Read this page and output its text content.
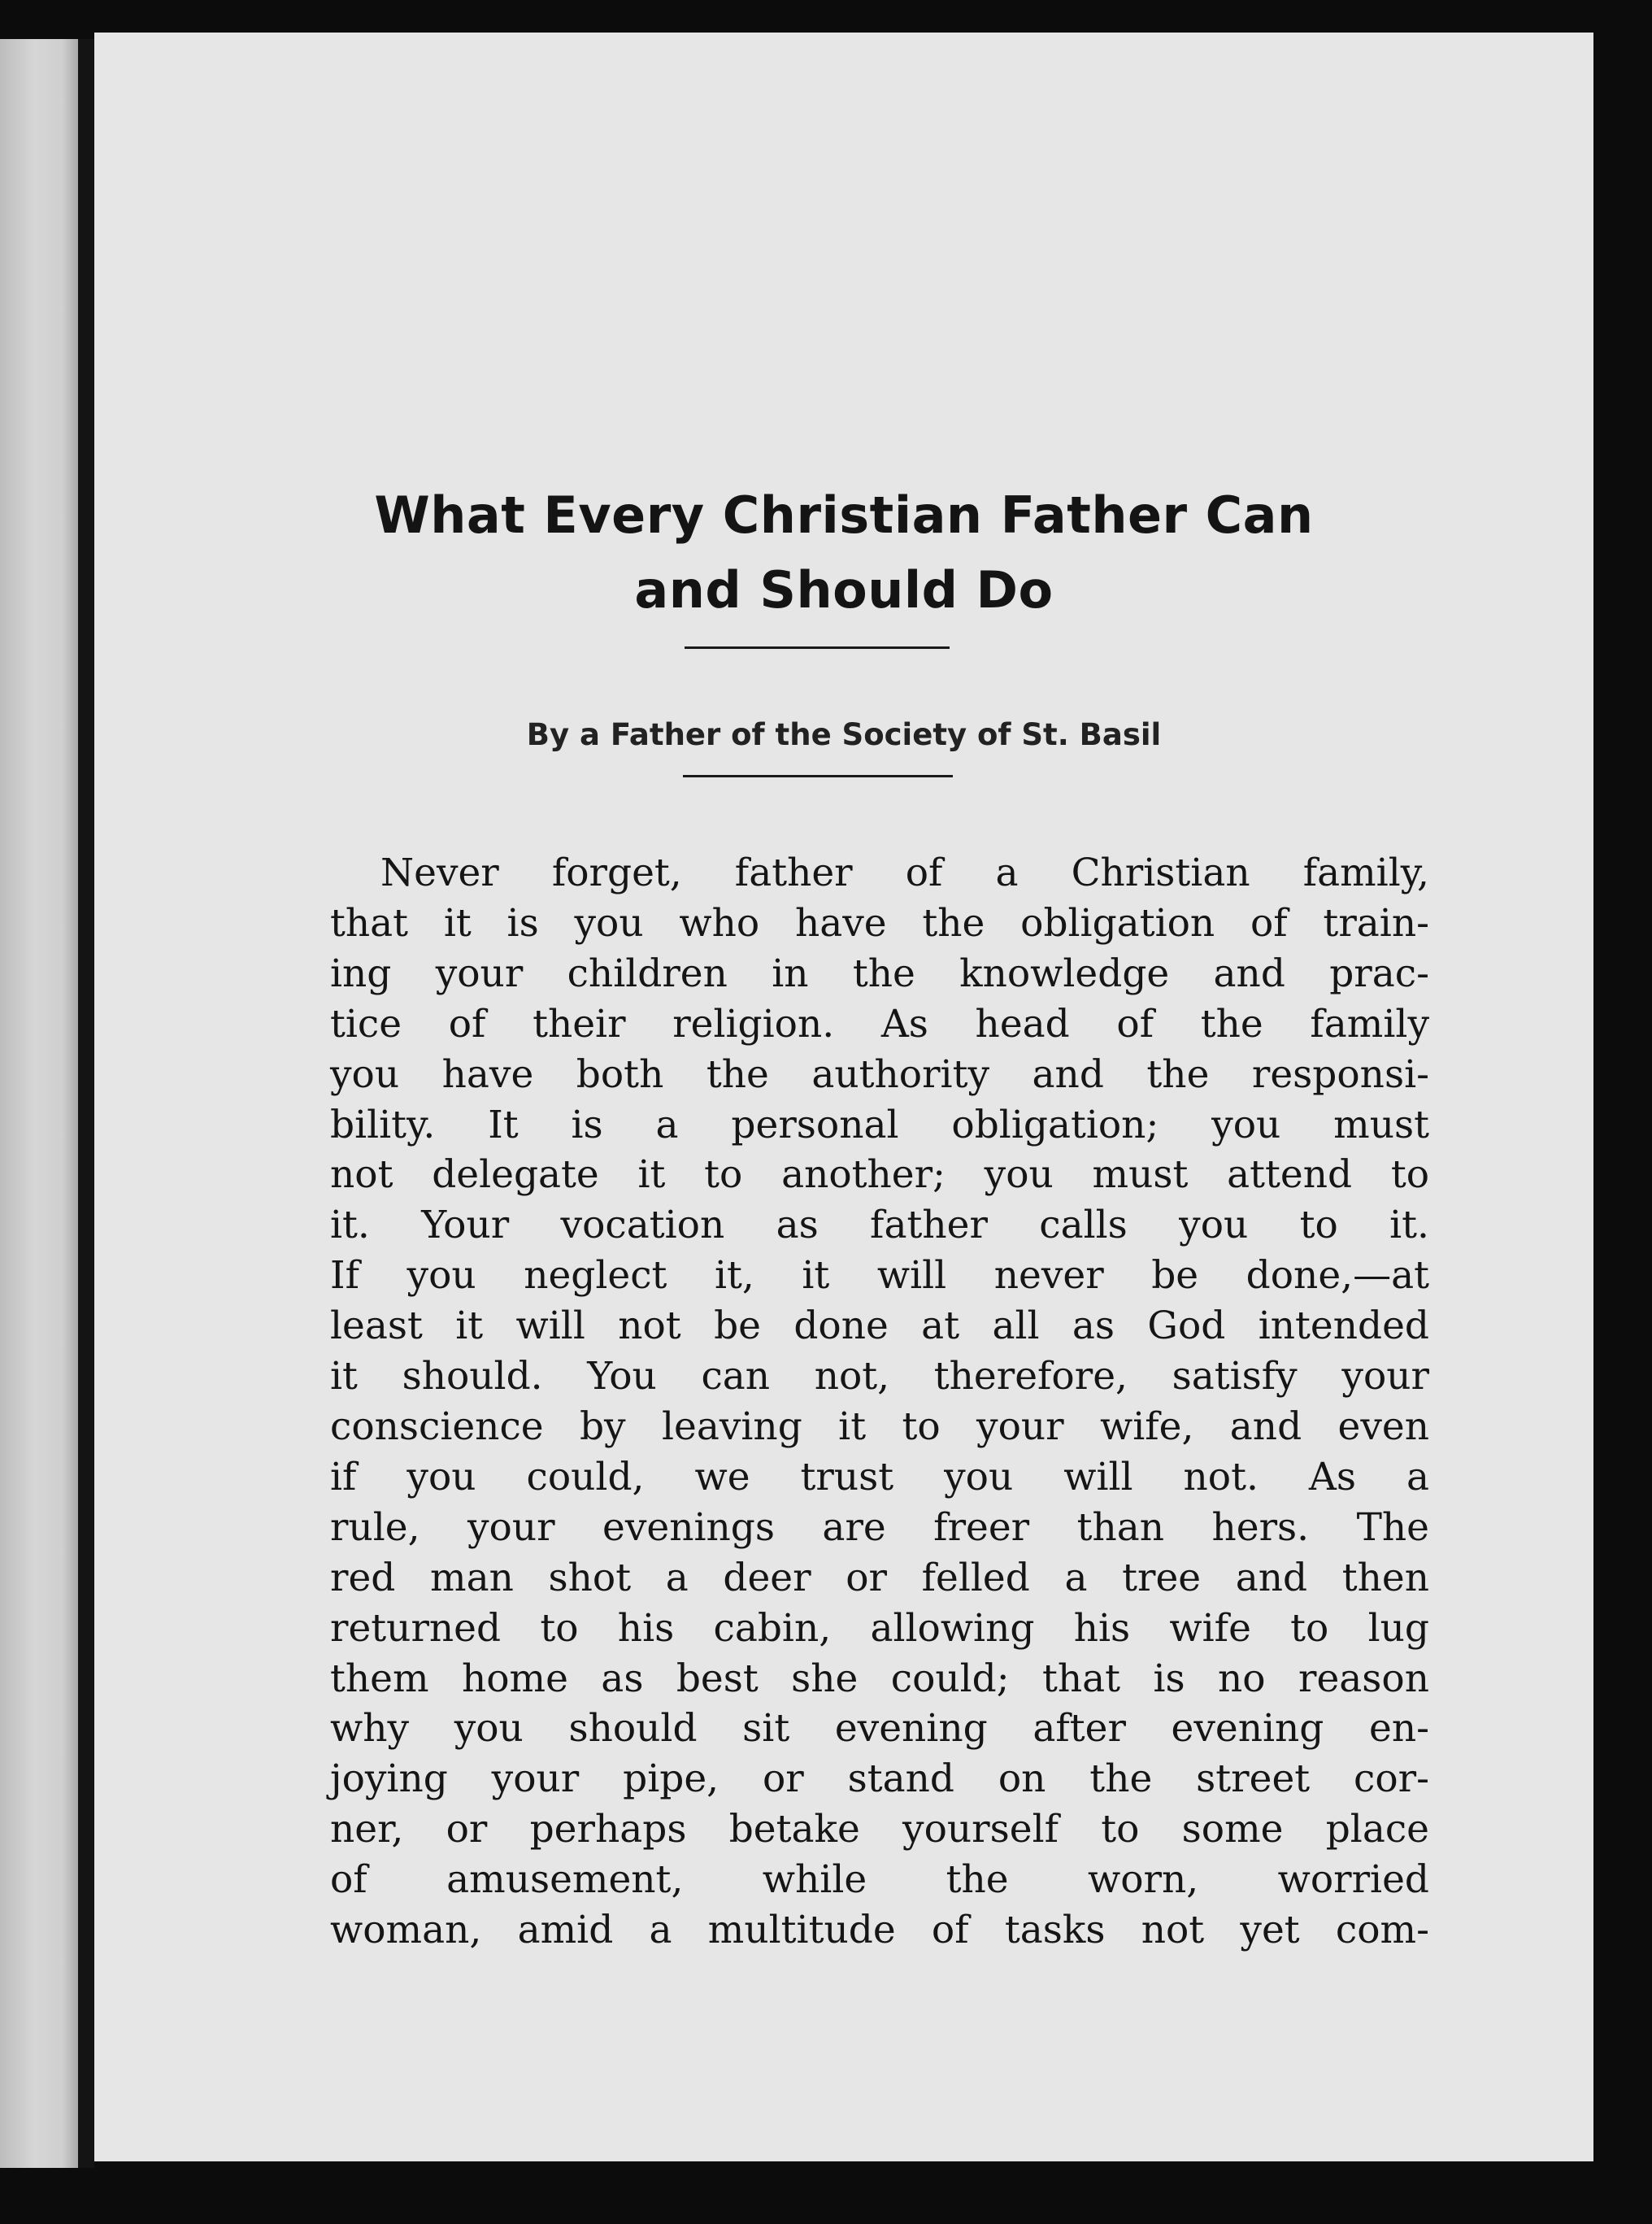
What Every Christian Father Can
and Should Do

By a Father of the Society of St. Basil

Never forget, father of a Christian family,
that it is you who have the obligation of train-
ing your children in the knowledge and prac-
tice of their religion. As head of the family
you have both the authority and the responsi-
bility. It is a personal obligation; you must
not delegate it to another; you must attend to
it. Your vocation as father calls you to it.
If you neglect it, it will never be done,—at
least it will not be done at all as God intended
it should. You can not, therefore, satisfy your
conscience by leaving it to your wife, and even
if you could, we trust you will not. As a
rule, your evenings are freer than hers. The
red man shot a deer or felled a tree and then
returned to his cabin, allowing his wife to lug
them home as best she could; that is no reason
why you should sit evening after evening en-
joying your pipe, or stand on the street cor-
ner, or perhaps betake yourself to some place
of amusement, while the worn, worried
woman, amid a multitude of tasks not yet com-
